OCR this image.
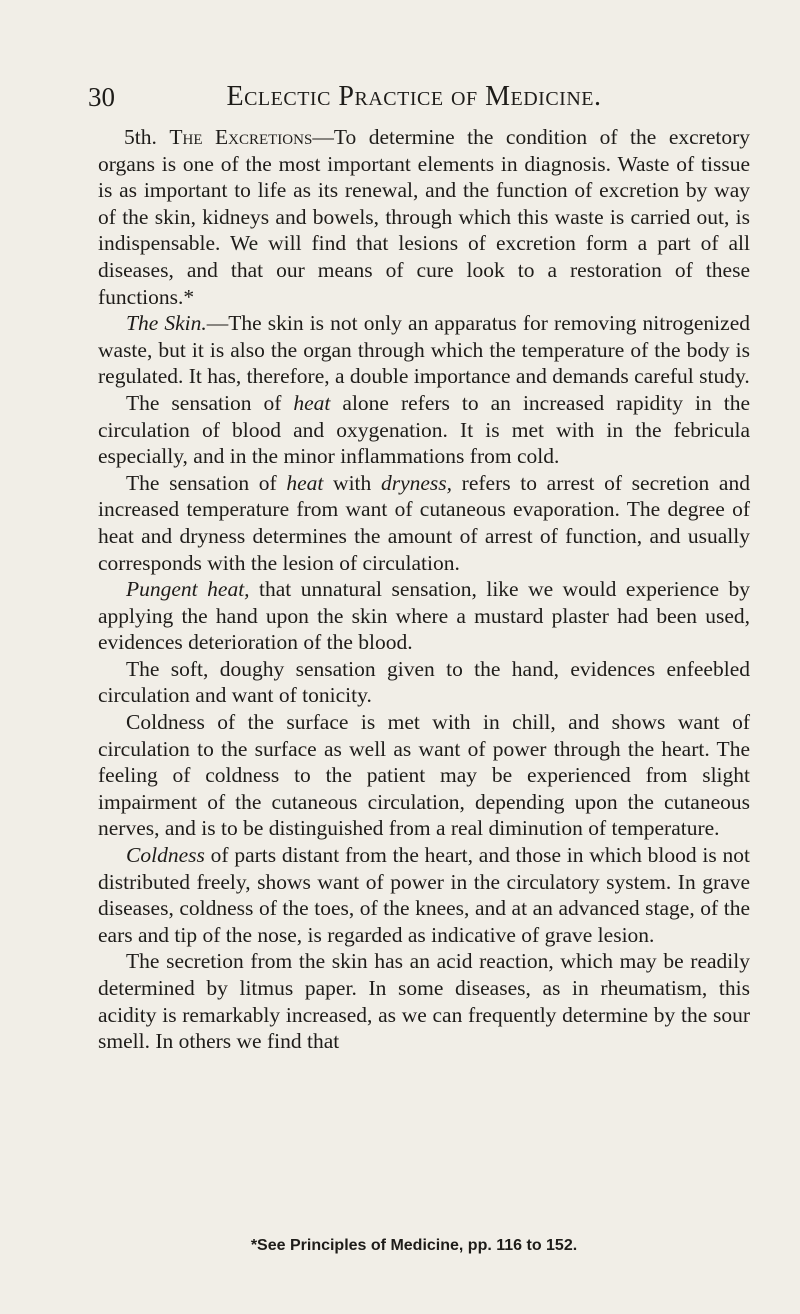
30	Eclectic Practice of Medicine.

5th. The Excretions—To determine the condition of the excretory organs is one of the most important elements in diagnosis. Waste of tissue is as important to life as its renewal, and the function of excretion by way of the skin, kidneys and bowels, through which this waste is carried out, is indispensable. We will find that lesions of excretion form a part of all diseases, and that our means of cure look to a restoration of these functions.*

The Skin.—The skin is not only an apparatus for removing nitrogenized waste, but it is also the organ through which the temperature of the body is regulated. It has, therefore, a double importance and demands careful study.

The sensation of heat alone refers to an increased rapidity in the circulation of blood and oxygenation. It is met with in the febricula especially, and in the minor inflammations from cold.

The sensation of heat with dryness, refers to arrest of secretion and increased temperature from want of cutaneous evaporation. The degree of heat and dryness determines the amount of arrest of function, and usually corresponds with the lesion of circulation.

Pungent heat, that unnatural sensation, like we would experience by applying the hand upon the skin where a mustard plaster had been used, evidences deterioration of the blood.

The soft, doughy sensation given to the hand, evidences enfeebled circulation and want of tonicity.

Coldness of the surface is met with in chill, and shows want of circulation to the surface as well as want of power through the heart. The feeling of coldness to the patient may be experienced from slight impairment of the cutaneous circulation, depending upon the cutaneous nerves, and is to be distinguished from a real diminution of temperature.

Coldness of parts distant from the heart, and those in which blood is not distributed freely, shows want of power in the circulatory system. In grave diseases, coldness of the toes, of the knees, and at an advanced stage, of the ears and tip of the nose, is regarded as indicative of grave lesion.

The secretion from the skin has an acid reaction, which may be readily determined by litmus paper. In some diseases, as in rheumatism, this acidity is remarkably increased, as we can frequently determine by the sour smell. In others we find that

*See Principles of Medicine, pp. 116 to 152.
